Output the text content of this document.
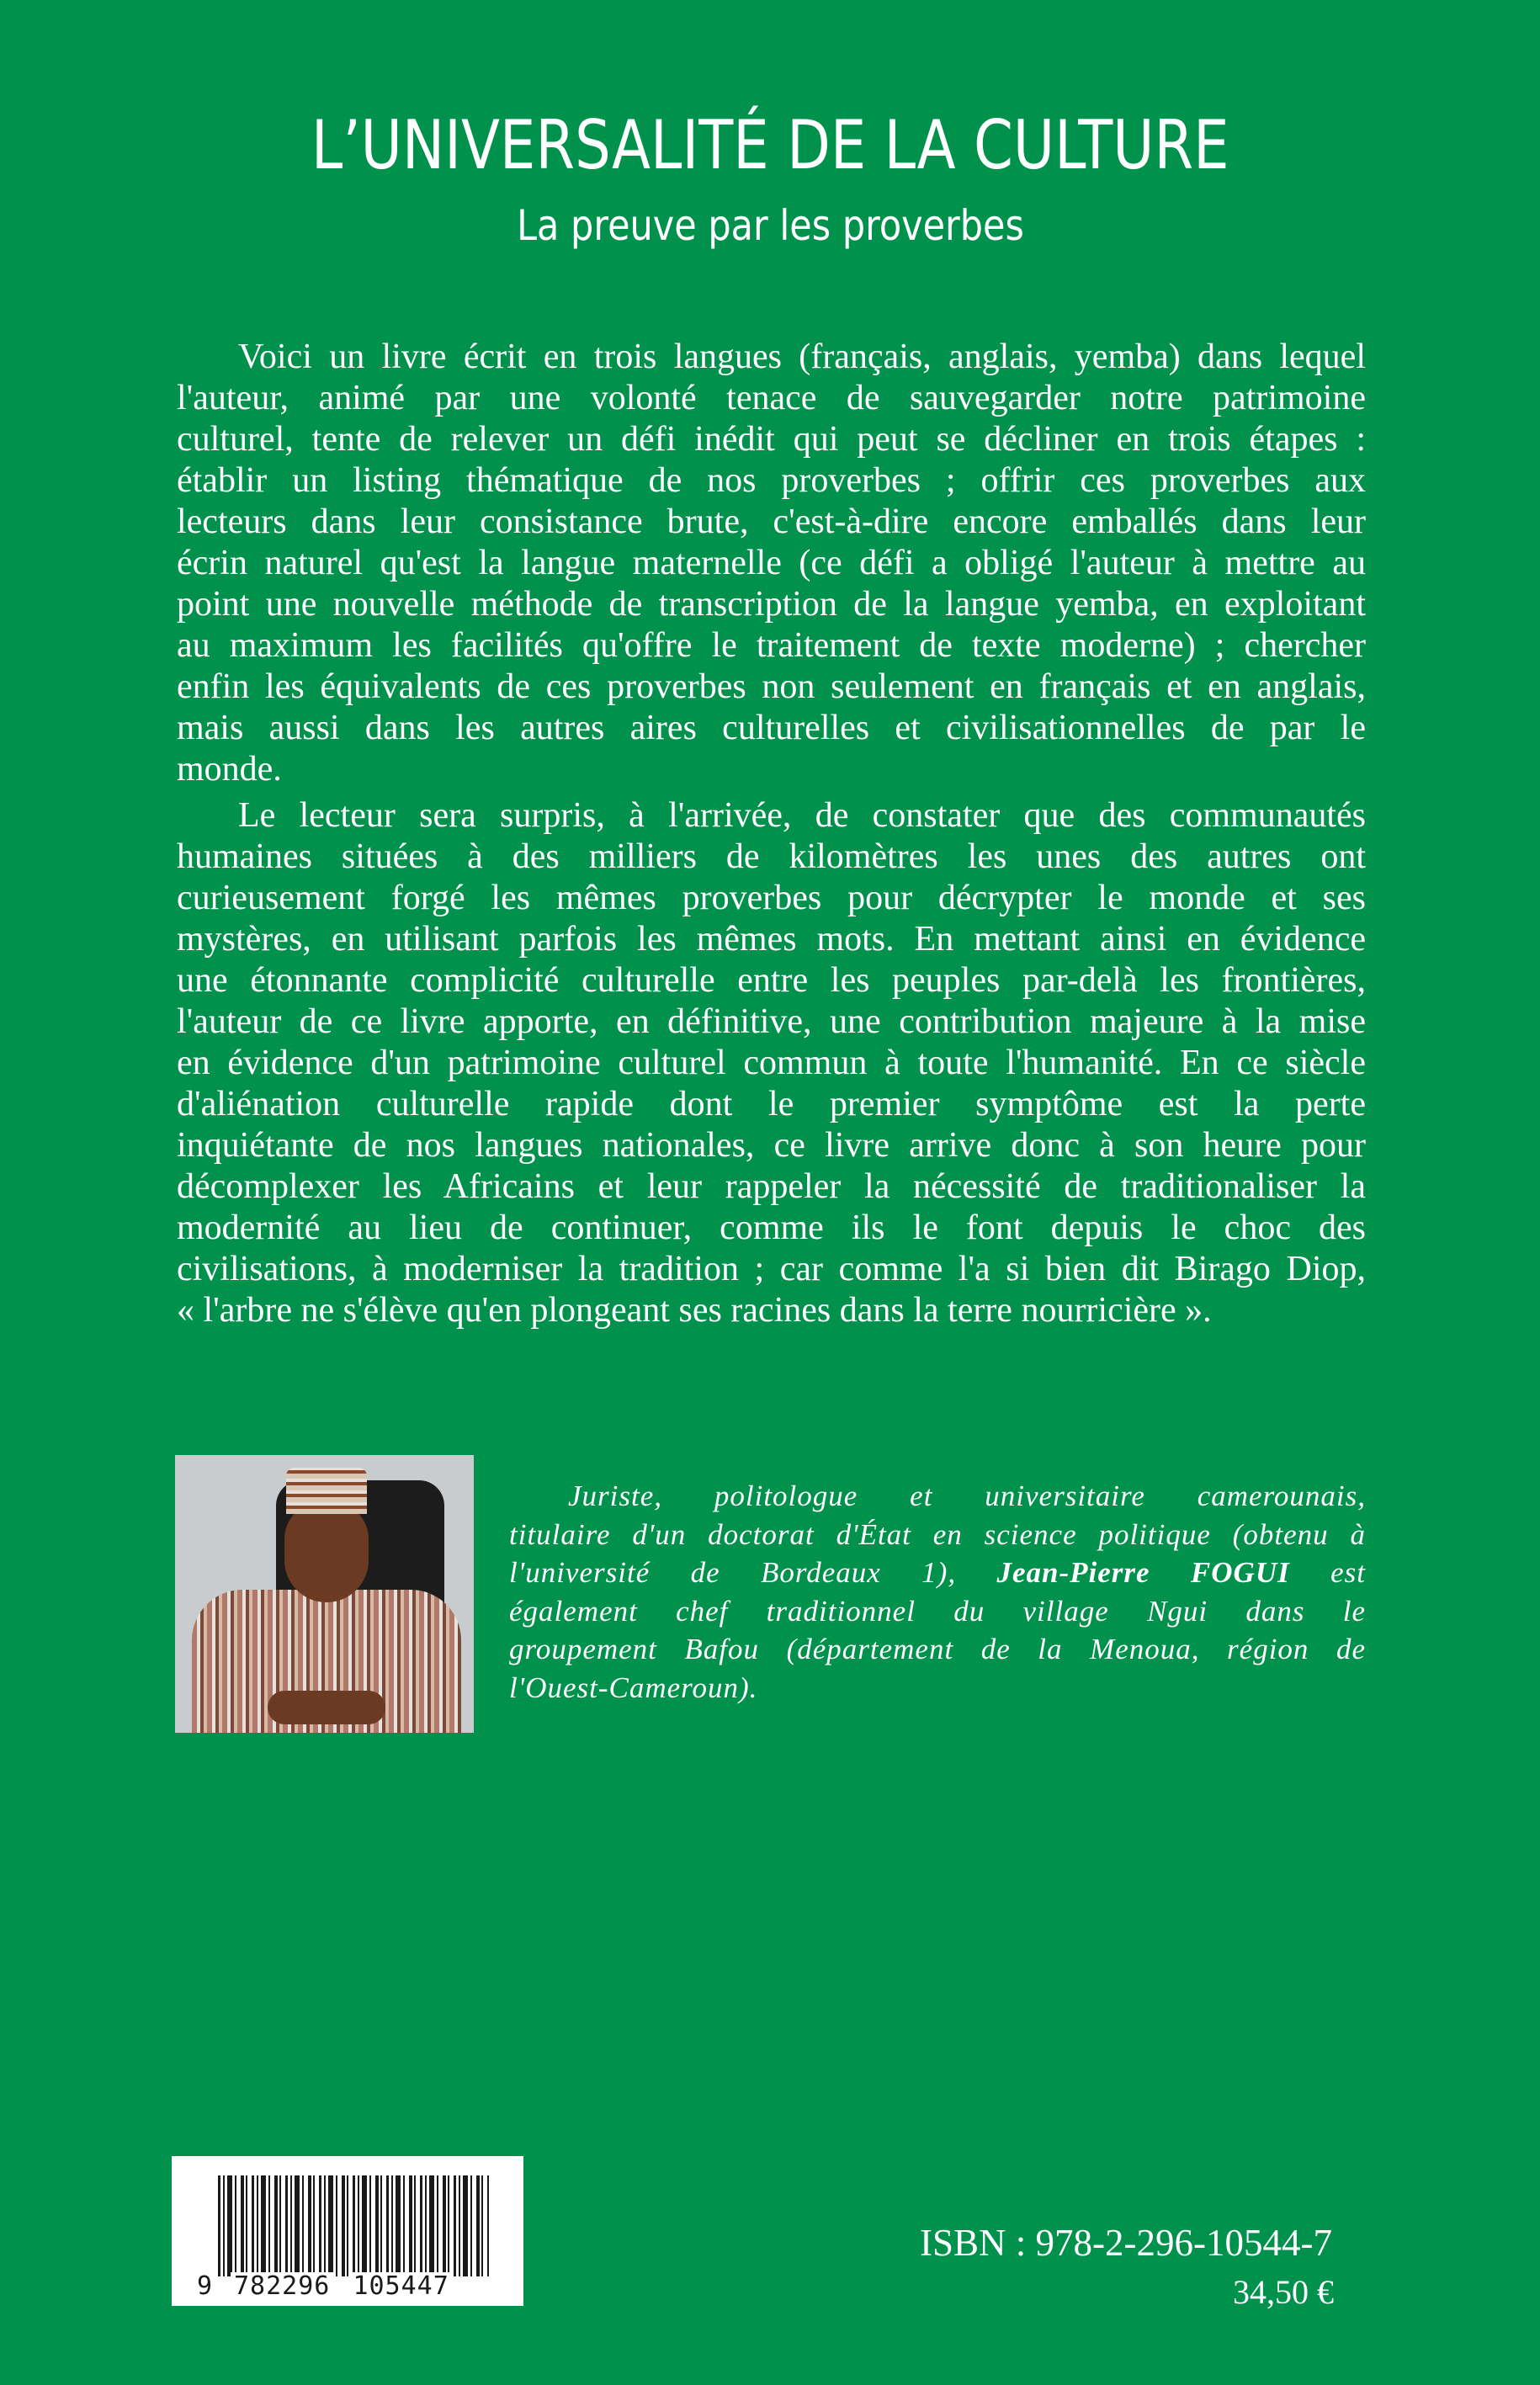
L’UNIVERSALITÉ DE LA CULTURE
La preuve par les proverbes
Voici un livre écrit en trois langues (français, anglais, yemba) dans lequel
l'auteur, animé par une volonté tenace de sauvegarder notre patrimoine
culturel, tente de relever un défi inédit qui peut se décliner en trois étapes :
établir un listing thématique de nos proverbes ; offrir ces proverbes aux
lecteurs dans leur consistance brute, c'est-à-dire encore emballés dans leur
écrin naturel qu'est la langue maternelle (ce défi a obligé l'auteur à mettre au
point une nouvelle méthode de transcription de la langue yemba, en exploitant
au maximum les facilités qu'offre le traitement de texte moderne) ; chercher
enfin les équivalents de ces proverbes non seulement en français et en anglais,
mais aussi dans les autres aires culturelles et civilisationnelles de par le
monde.
Le lecteur sera surpris, à l'arrivée, de constater que des communautés
humaines situées à des milliers de kilomètres les unes des autres ont
curieusement forgé les mêmes proverbes pour décrypter le monde et ses
mystères, en utilisant parfois les mêmes mots. En mettant ainsi en évidence
une étonnante complicité culturelle entre les peuples par-delà les frontières,
l'auteur de ce livre apporte, en définitive, une contribution majeure à la mise
en évidence d'un patrimoine culturel commun à toute l'humanité. En ce siècle
d'aliénation culturelle rapide dont le premier symptôme est la perte
inquiétante de nos langues nationales, ce livre arrive donc à son heure pour
décomplexer les Africains et leur rappeler la nécessité de traditionaliser la
modernité au lieu de continuer, comme ils le font depuis le choc des
civilisations, à moderniser la tradition ; car comme l'a si bien dit Birago Diop,
« l'arbre ne s'élève qu'en plongeant ses racines dans la terre nourricière ».
Juriste, politologue et universitaire camerounais,
titulaire d'un doctorat d'État en science politique (obtenu à
l'université de Bordeaux 1), Jean-Pierre FOGUI est
également chef traditionnel du village Ngui dans le
groupement Bafou (département de la Menoua, région de
l'Ouest-Cameroun).
9 782296 105447
ISBN : 978-2-296-10544-7
34,50 €
